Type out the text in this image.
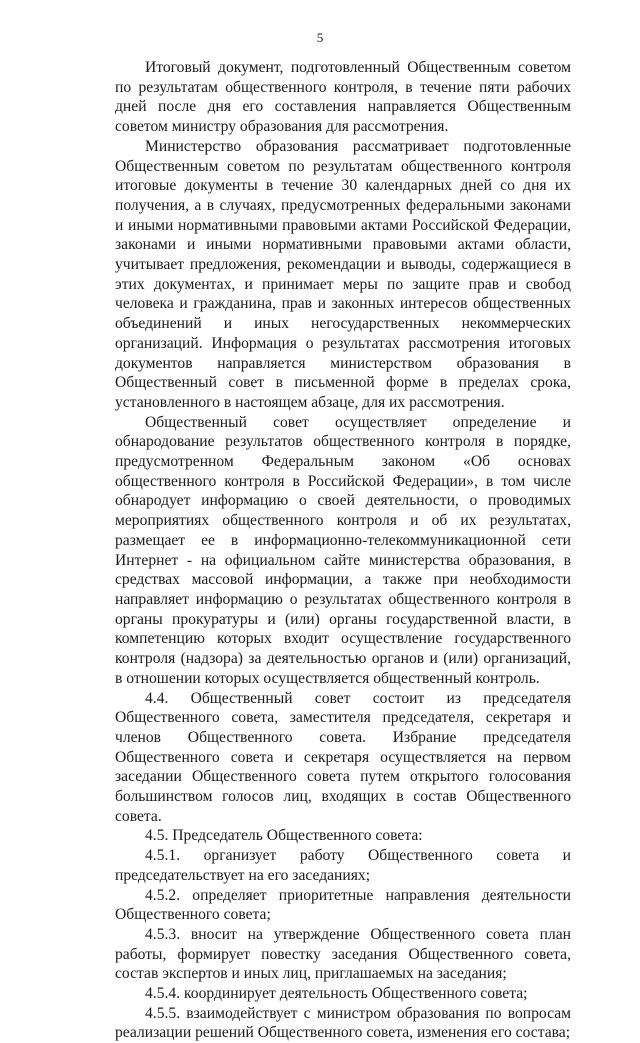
5

Итоговый документ, подготовленный Общественным советом по результатам общественного контроля, в течение пяти рабочих дней после дня его составления направляется Общественным советом министру образования для рассмотрения.

Министерство образования рассматривает подготовленные Общественным советом по результатам общественного контроля итоговые документы в течение 30 календарных дней со дня их получения, а в случаях, предусмотренных федеральными законами и иными нормативными правовыми актами Российской Федерации, законами и иными нормативными правовыми актами области, учитывает предложения, рекомендации и выводы, содержащиеся в этих документах, и принимает меры по защите прав и свобод человека и гражданина, прав и законных интересов общественных объединений и иных негосударственных некоммерческих организаций. Информация о результатах рассмотрения итоговых документов направляется министерством образования в Общественный совет в письменной форме в пределах срока, установленного в настоящем абзаце, для их рассмотрения.

Общественный совет осуществляет определение и обнародование результатов общественного контроля в порядке, предусмотренном Федеральным законом «Об основах общественного контроля в Российской Федерации», в том числе обнародует информацию о своей деятельности, о проводимых мероприятиях общественного контроля и об их результатах, размещает ее в информационно-телекоммуникационной сети Интернет - на официальном сайте министерства образования, в средствах массовой информации, а также при необходимости направляет информацию о результатах общественного контроля в органы прокуратуры и (или) органы государственной власти, в компетенцию которых входит осуществление государственного контроля (надзора) за деятельностью органов и (или) организаций, в отношении которых осуществляется общественный контроль.

4.4. Общественный совет состоит из председателя Общественного совета, заместителя председателя, секретаря и членов Общественного совета. Избрание председателя Общественного совета и секретаря осуществляется на первом заседании Общественного совета путем открытого голосования большинством голосов лиц, входящих в состав Общественного совета.

4.5. Председатель Общественного совета:

4.5.1. организует работу Общественного совета и председательствует на его заседаниях;

4.5.2. определяет приоритетные направления деятельности Общественного совета;

4.5.3. вносит на утверждение Общественного совета план работы, формирует повестку заседания Общественного совета, состав экспертов и иных лиц, приглашаемых на заседания;

4.5.4. координирует деятельность Общественного совета;

4.5.5. взаимодействует с министром образования по вопросам реализации решений Общественного совета, изменения его состава;
